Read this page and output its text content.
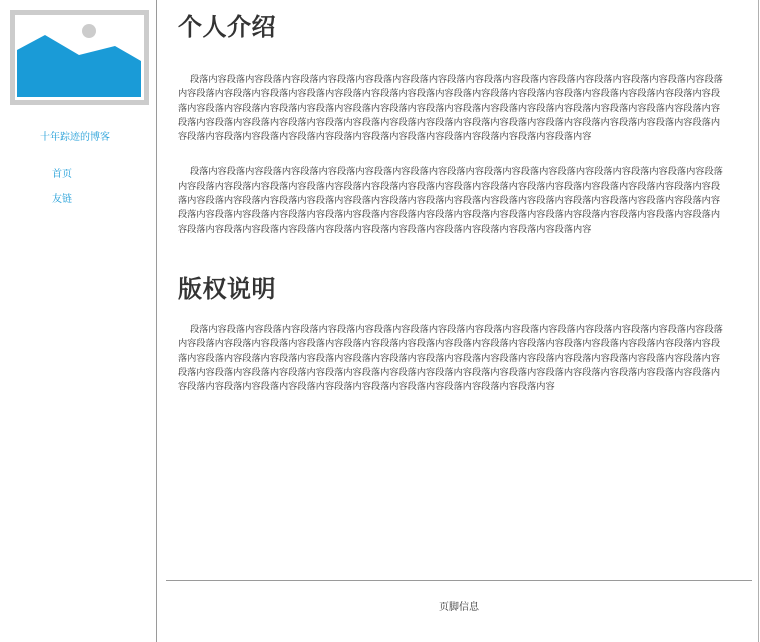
十年踪迹的博客
首页
友链
个人介绍

段落内容段落内容段落内容段落内容段落内容段落内容段落内容段落内容段落内容段落内容段落内容段落内容段落内容段落内容段落内容段落内容段落内容段落内容段落内容段落内容段落内容段落内容段落内容段落内容段落内容段落内容段落内容段落内容段落内容段落内容段落内容段落内容段落内容段落内容段落内容段落内容段落内容段落内容段落内容段落内容段落内容段落内容段落内容段落内容段落内容段落内容段落内容段落内容段落内容段落内容段落内容段落内容段落内容段落内容段落内容段落内容段落内容段落内容段落内容段落内容段落内容段落内容段落内容段落内容段落内容段落内容段落内容段落内容段落内容段落内容

段落内容段落内容段落内容段落内容段落内容段落内容段落内容段落内容段落内容段落内容段落内容段落内容段落内容段落内容段落内容段落内容段落内容段落内容段落内容段落内容段落内容段落内容段落内容段落内容段落内容段落内容段落内容段落内容段落内容段落内容段落内容段落内容段落内容段落内容段落内容段落内容段落内容段落内容段落内容段落内容段落内容段落内容段落内容段落内容段落内容段落内容段落内容段落内容段落内容段落内容段落内容段落内容段落内容段落内容段落内容段落内容段落内容段落内容段落内容段落内容段落内容段落内容段落内容段落内容段落内容段落内容段落内容段落内容段落内容段落内容

版权说明

段落内容段落内容段落内容段落内容段落内容段落内容段落内容段落内容段落内容段落内容段落内容段落内容段落内容段落内容段落内容段落内容段落内容段落内容段落内容段落内容段落内容段落内容段落内容段落内容段落内容段落内容段落内容段落内容段落内容段落内容段落内容段落内容段落内容段落内容段落内容段落内容段落内容段落内容段落内容段落内容段落内容段落内容段落内容段落内容段落内容段落内容段落内容段落内容段落内容段落内容段落内容段落内容段落内容段落内容段落内容段落内容段落内容段落内容段落内容段落内容段落内容段落内容段落内容段落内容段落内容段落内容段落内容段落内容段落内容

页脚信息
